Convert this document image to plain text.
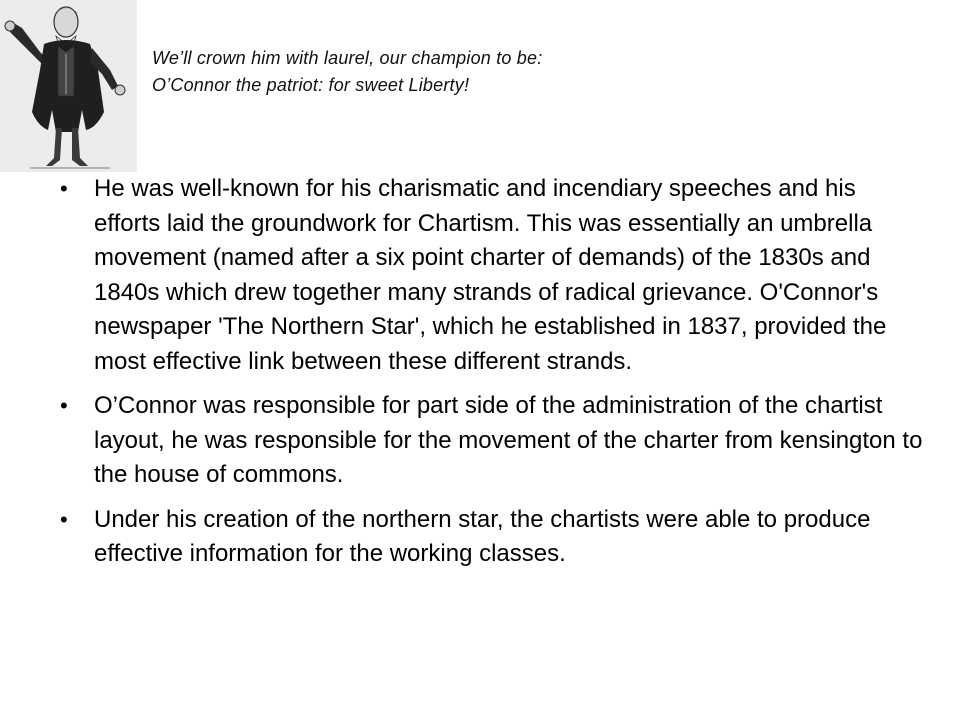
We’ll crown him with laurel, our champion to be: O’Connor the patriot: for sweet Liberty!
• He was well-known for his charismatic and incendiary speeches and his efforts laid the groundwork for Chartism. This was essentially an umbrella movement (named after a six point charter of demands) of the 1830s and 1840s which drew together many strands of radical grievance. O'Connor's newspaper 'The Northern Star', which he established in 1837, provided the most effective link between these different strands.
• O’Connor was responsible for part side of the administration of the chartist layout, he was responsible for the movement of the charter from kensington to the house of commons.
• Under his creation of the northern star, the chartists were able to produce effective information for the working classes.
